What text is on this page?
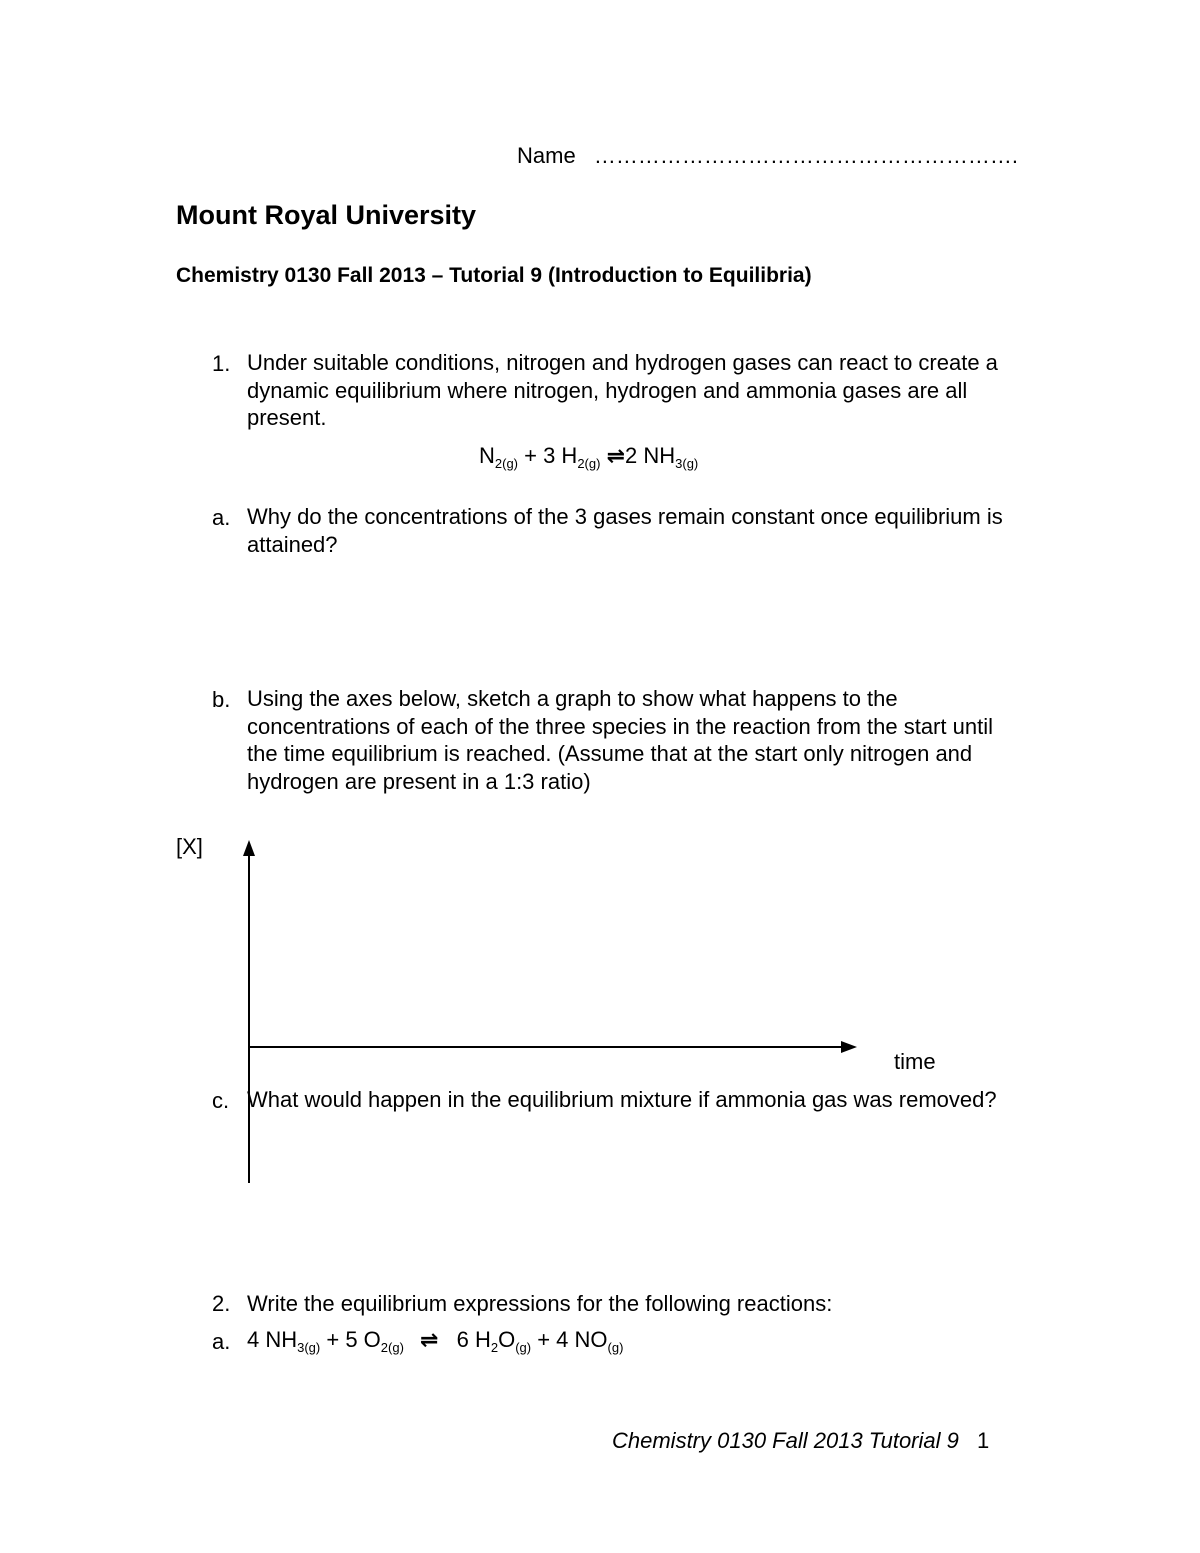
Name ………………………………………………….
Mount Royal University
Chemistry 0130 Fall 2013 – Tutorial 9 (Introduction to Equilibria)
1. Under suitable conditions, nitrogen and hydrogen gases can react to create a dynamic equilibrium where nitrogen, hydrogen and ammonia gases are all present.
$N_{2(g)} + 3$ $H_{2(g)}$ ⇌2 $NH_{3(g)}$
a. Why do the concentrations of the 3 gases remain constant once equilibrium is attained?
b. Using the axes below, sketch a graph to show what happens to the concentrations of each of the three species in the reaction from the start until the time equilibrium is reached. (Assume that at the start only nitrogen and hydrogen are present in a 1:3 ratio)
[X]
time
c. What would happen in the equilibrium mixture if ammonia gas was removed?
2. Write the equilibrium expressions for the following reactions:
a. 4 $NH_{3(g)} + 5$ $O_{2(g)}$ ⇌ 6 $H_2O_{(g)} + 4$ $NO_{(g)}$
Chemistry 0130 Fall 2013 Tutorial 9 1
